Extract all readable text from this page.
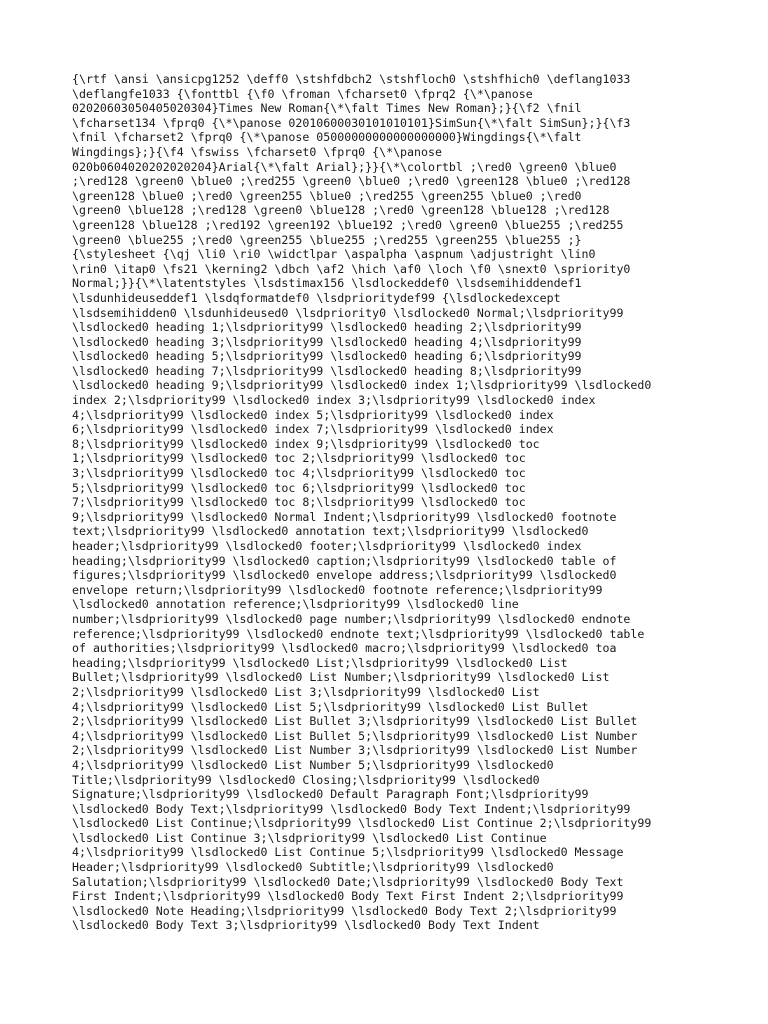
{\rtf \ansi \ansicpg1252 \deff0 \stshfdbch2 \stshfloch0 \stshfhich0 \deflang1033
\deflangfe1033 {\fonttbl {\f0 \froman \fcharset0 \fprq2 {\*\panose
02020603050405020304}Times New Roman{\*\falt Times New Roman};}{\f2 \fnil
\fcharset134 \fprq0 {\*\panose 02010600030101010101}SimSun{\*\falt SimSun};}{\f3
\fnil \fcharset2 \fprq0 {\*\panose 05000000000000000000}Wingdings{\*\falt
Wingdings};}{\f4 \fswiss \fcharset0 \fprq0 {\*\panose
020b0604020202020204}Arial{\*\falt Arial};}}{\*\colortbl ;\red0 \green0 \blue0
;\red128 \green0 \blue0 ;\red255 \green0 \blue0 ;\red0 \green128 \blue0 ;\red128
\green128 \blue0 ;\red0 \green255 \blue0 ;\red255 \green255 \blue0 ;\red0
\green0 \blue128 ;\red128 \green0 \blue128 ;\red0 \green128 \blue128 ;\red128
\green128 \blue128 ;\red192 \green192 \blue192 ;\red0 \green0 \blue255 ;\red255
\green0 \blue255 ;\red0 \green255 \blue255 ;\red255 \green255 \blue255 ;}
{\stylesheet {\qj \li0 \ri0 \widctlpar \aspalpha \aspnum \adjustright \lin0
\rin0 \itap0 \fs21 \kerning2 \dbch \af2 \hich \af0 \loch \f0 \snext0 \spriority0
Normal;}}{\*\latentstyles \lsdstimax156 \lsdlockeddef0 \lsdsemihiddendef1
\lsdunhideuseddef1 \lsdqformatdef0 \lsdprioritydef99 {\lsdlockedexcept
\lsdsemihidden0 \lsdunhideused0 \lsdpriority0 \lsdlocked0 Normal;\lsdpriority99
\lsdlocked0 heading 1;\lsdpriority99 \lsdlocked0 heading 2;\lsdpriority99
\lsdlocked0 heading 3;\lsdpriority99 \lsdlocked0 heading 4;\lsdpriority99
\lsdlocked0 heading 5;\lsdpriority99 \lsdlocked0 heading 6;\lsdpriority99
\lsdlocked0 heading 7;\lsdpriority99 \lsdlocked0 heading 8;\lsdpriority99
\lsdlocked0 heading 9;\lsdpriority99 \lsdlocked0 index 1;\lsdpriority99 \lsdlocked0
index 2;\lsdpriority99 \lsdlocked0 index 3;\lsdpriority99 \lsdlocked0 index
4;\lsdpriority99 \lsdlocked0 index 5;\lsdpriority99 \lsdlocked0 index
6;\lsdpriority99 \lsdlocked0 index 7;\lsdpriority99 \lsdlocked0 index
8;\lsdpriority99 \lsdlocked0 index 9;\lsdpriority99 \lsdlocked0 toc
1;\lsdpriority99 \lsdlocked0 toc 2;\lsdpriority99 \lsdlocked0 toc
3;\lsdpriority99 \lsdlocked0 toc 4;\lsdpriority99 \lsdlocked0 toc
5;\lsdpriority99 \lsdlocked0 toc 6;\lsdpriority99 \lsdlocked0 toc
7;\lsdpriority99 \lsdlocked0 toc 8;\lsdpriority99 \lsdlocked0 toc
9;\lsdpriority99 \lsdlocked0 Normal Indent;\lsdpriority99 \lsdlocked0 footnote
text;\lsdpriority99 \lsdlocked0 annotation text;\lsdpriority99 \lsdlocked0
header;\lsdpriority99 \lsdlocked0 footer;\lsdpriority99 \lsdlocked0 index
heading;\lsdpriority99 \lsdlocked0 caption;\lsdpriority99 \lsdlocked0 table of
figures;\lsdpriority99 \lsdlocked0 envelope address;\lsdpriority99 \lsdlocked0
envelope return;\lsdpriority99 \lsdlocked0 footnote reference;\lsdpriority99
\lsdlocked0 annotation reference;\lsdpriority99 \lsdlocked0 line
number;\lsdpriority99 \lsdlocked0 page number;\lsdpriority99 \lsdlocked0 endnote
reference;\lsdpriority99 \lsdlocked0 endnote text;\lsdpriority99 \lsdlocked0 table
of authorities;\lsdpriority99 \lsdlocked0 macro;\lsdpriority99 \lsdlocked0 toa
heading;\lsdpriority99 \lsdlocked0 List;\lsdpriority99 \lsdlocked0 List
Bullet;\lsdpriority99 \lsdlocked0 List Number;\lsdpriority99 \lsdlocked0 List
2;\lsdpriority99 \lsdlocked0 List 3;\lsdpriority99 \lsdlocked0 List
4;\lsdpriority99 \lsdlocked0 List 5;\lsdpriority99 \lsdlocked0 List Bullet
2;\lsdpriority99 \lsdlocked0 List Bullet 3;\lsdpriority99 \lsdlocked0 List Bullet
4;\lsdpriority99 \lsdlocked0 List Bullet 5;\lsdpriority99 \lsdlocked0 List Number
2;\lsdpriority99 \lsdlocked0 List Number 3;\lsdpriority99 \lsdlocked0 List Number
4;\lsdpriority99 \lsdlocked0 List Number 5;\lsdpriority99 \lsdlocked0
Title;\lsdpriority99 \lsdlocked0 Closing;\lsdpriority99 \lsdlocked0
Signature;\lsdpriority99 \lsdlocked0 Default Paragraph Font;\lsdpriority99
\lsdlocked0 Body Text;\lsdpriority99 \lsdlocked0 Body Text Indent;\lsdpriority99
\lsdlocked0 List Continue;\lsdpriority99 \lsdlocked0 List Continue 2;\lsdpriority99
\lsdlocked0 List Continue 3;\lsdpriority99 \lsdlocked0 List Continue
4;\lsdpriority99 \lsdlocked0 List Continue 5;\lsdpriority99 \lsdlocked0 Message
Header;\lsdpriority99 \lsdlocked0 Subtitle;\lsdpriority99 \lsdlocked0
Salutation;\lsdpriority99 \lsdlocked0 Date;\lsdpriority99 \lsdlocked0 Body Text
First Indent;\lsdpriority99 \lsdlocked0 Body Text First Indent 2;\lsdpriority99
\lsdlocked0 Note Heading;\lsdpriority99 \lsdlocked0 Body Text 2;\lsdpriority99
\lsdlocked0 Body Text 3;\lsdpriority99 \lsdlocked0 Body Text Indent
